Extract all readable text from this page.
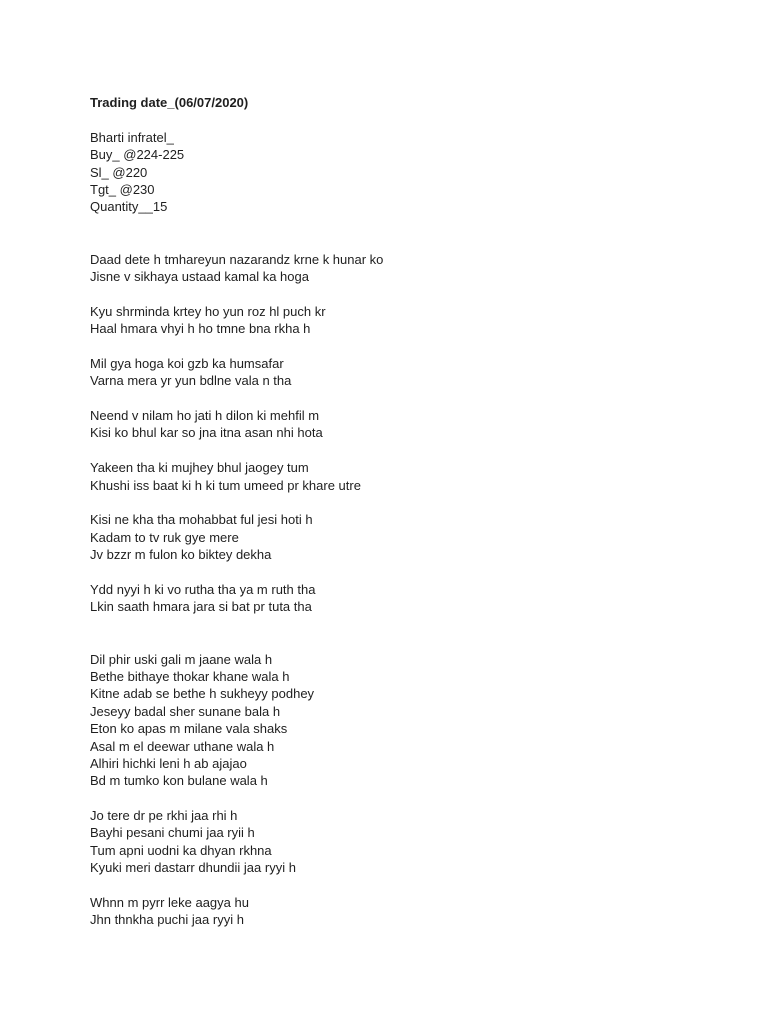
Trading date_(06/07/2020)
Bharti infratel_
Buy_ @224-225
Sl_ @220
Tgt_ @230
Quantity__15
Daad dete h tmhareyun nazarandz krne k hunar ko
Jisne v sikhaya ustaad kamal ka hoga
Kyu shrminda krtey ho yun roz hl puch kr
Haal hmara vhyi h ho tmne bna rkha h
Mil gya hoga koi gzb ka humsafar
Varna mera yr yun bdlne vala n tha
Neend v nilam ho jati h dilon ki mehfil m
Kisi ko bhul kar so jna itna asan nhi hota
Yakeen tha ki mujhey bhul jaogey tum
Khushi iss baat ki h ki tum umeed pr khare utre
Kisi ne kha tha mohabbat ful jesi hoti h
Kadam to tv ruk gye mere
Jv bzzr m fulon ko biktey dekha
Ydd nyyi h ki vo rutha tha ya m ruth tha
Lkin saath hmara jara si bat pr tuta tha
Dil phir uski gali m jaane wala h
Bethe bithaye thokar khane wala h
Kitne adab se bethe h sukheyy podhey
Jeseyy badal sher sunane bala h
Eton ko apas m milane vala shaks
Asal m el deewar uthane wala h
Alhiri hichki leni h ab ajajao
Bd m tumko kon bulane wala h
Jo tere dr pe rkhi jaa rhi h
Bayhi pesani chumi jaa ryii h
Tum apni uodni ka dhyan rkhna
Kyuki meri dastarr dhundii jaa ryyi h
Whnn m pyrr leke aagya hu
Jhn thnkha puchi jaa ryyi h
